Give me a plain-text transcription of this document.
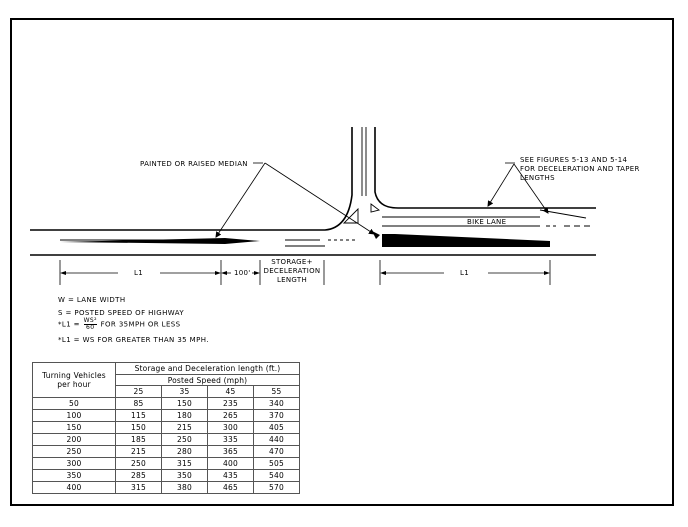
PAINTED OR RAISED MEDIAN	SEE FIGURES 5-13 AND 5-14
FOR DECELERATION AND TAPER
LENGTHS
BIKE LANE
L1	100'
STORAGE+
DECELERATION
LENGTH
L1
W = LANE WIDTH
S = POSTED SPEED OF HIGHWAY
$*L1 = \frac{\text{WS²}}{60}$ FOR 35MPH OR LESS
*L1 = WS FOR GREATER THAN 35 MPH.
Turning Vehicles per hour	Storage and Deceleration length (ft.)			
	Posted Speed (mph)			
	25	35	45	55
50	85	150	235	340
100	115	180	265	370
150	150	215	300	405
200	185	250	335	440
250	215	280	365	470
300	250	315	400	505
350	285	350	435	540
400	315	380	465	570
